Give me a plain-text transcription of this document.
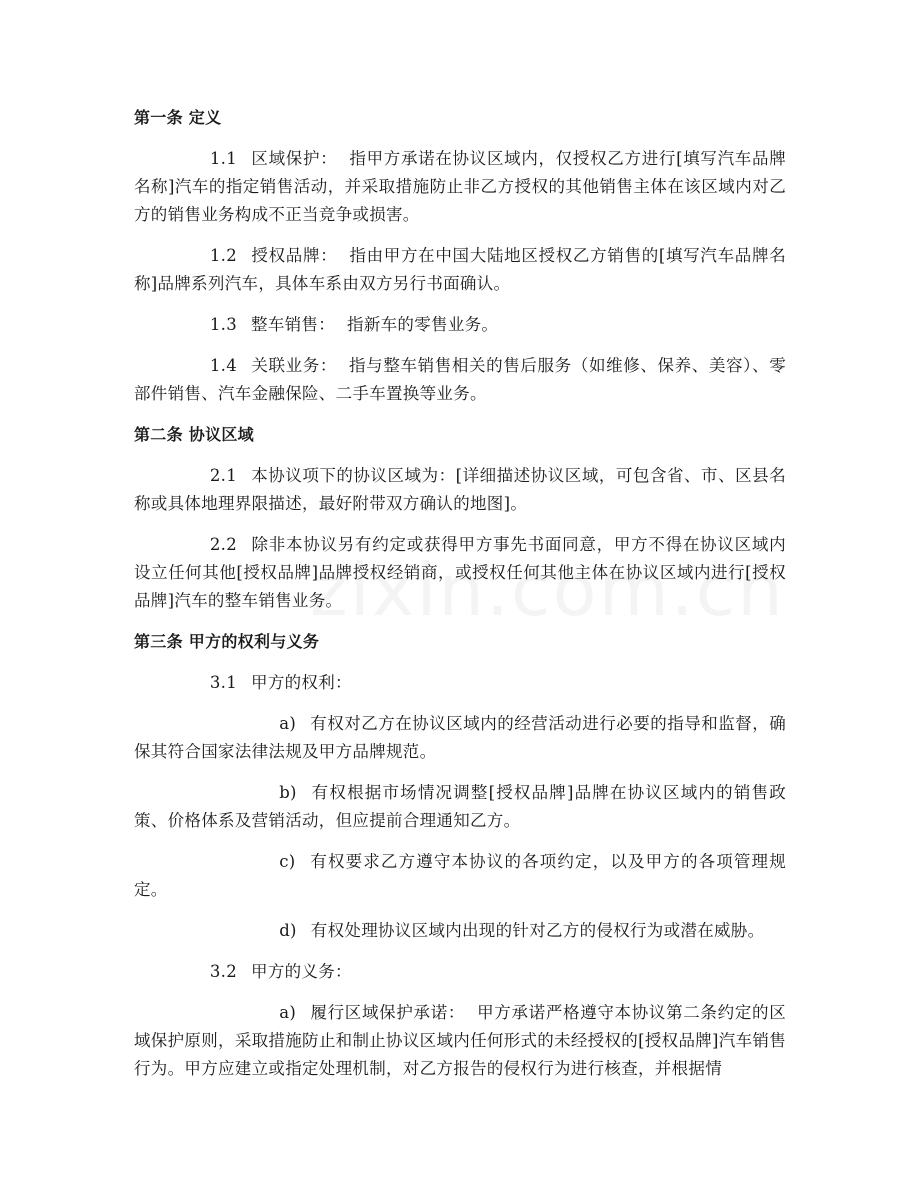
第一条 定义

1.1 区域保护： 指甲方承诺在协议区域内，仅授权乙方进行[填写汽车品牌名称]汽车的指定销售活动，并采取措施防止非乙方授权的其他销售主体在该区域内对乙方的销售业务构成不正当竞争或损害。

1.2 授权品牌： 指由甲方在中国大陆地区授权乙方销售的[填写汽车品牌名称]品牌系列汽车，具体车系由双方另行书面确认。

1.3 整车销售： 指新车的零售业务。

1.4 关联业务： 指与整车销售相关的售后服务（如维修、保养、美容）、零部件销售、汽车金融保险、二手车置换等业务。

第二条 协议区域

2.1 本协议项下的协议区域为：[详细描述协议区域，可包含省、市、区县名称或具体地理界限描述，最好附带双方确认的地图]。

2.2 除非本协议另有约定或获得甲方事先书面同意，甲方不得在协议区域内设立任何其他[授权品牌]品牌授权经销商，或授权任何其他主体在协议区域内进行[授权品牌]汽车的整车销售业务。

第三条 甲方的权利与义务

3.1 甲方的权利：

a) 有权对乙方在协议区域内的经营活动进行必要的指导和监督，确保其符合国家法律法规及甲方品牌规范。

b) 有权根据市场情况调整[授权品牌]品牌在协议区域内的销售政策、价格体系及营销活动，但应提前合理通知乙方。

c) 有权要求乙方遵守本协议的各项约定，以及甲方的各项管理规定。

d) 有权处理协议区域内出现的针对乙方的侵权行为或潜在威胁。

3.2 甲方的义务：

a) 履行区域保护承诺： 甲方承诺严格遵守本协议第二条约定的区域保护原则，采取措施防止和制止协议区域内任何形式的未经授权的[授权品牌]汽车销售行为。甲方应建立或指定处理机制，对乙方报告的侵权行为进行核查，并根据情
